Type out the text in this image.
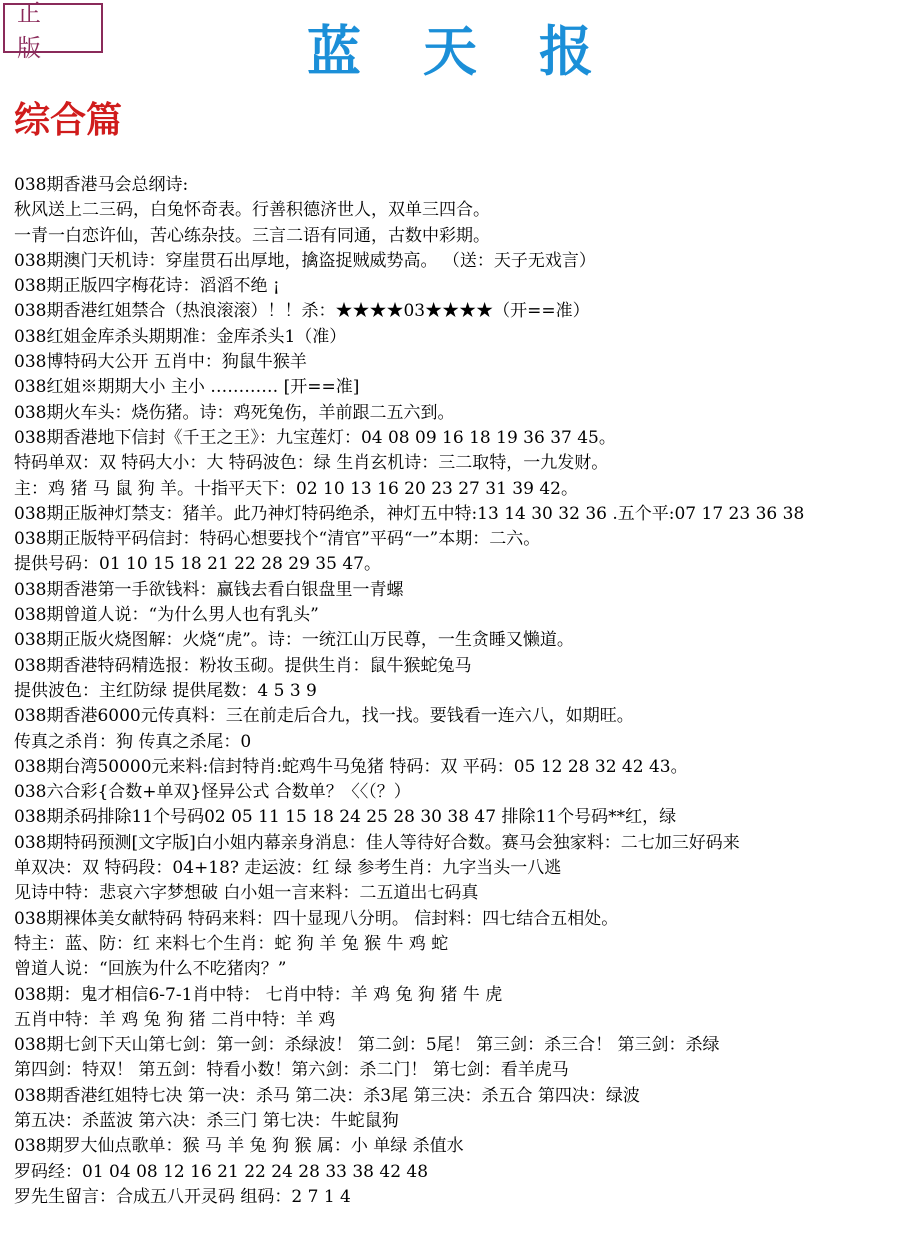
正 版	蓝天报
综合篇
038期香港马会总纲诗:
秋风送上二三码，白兔怀奇表。行善积德济世人，双单三四合。
一青一白恋许仙，苦心练杂技。三言二语有同通，古数中彩期。
038期澳门天机诗：穿崖贯石出厚地，擒盗捉贼威势高。 （送：天子无戏言）
038期正版四字梅花诗：滔滔不绝 ¡
038期香港红姐禁合（热浪滚滚）！！杀：★★★★03★★★★（开==准）
038红姐金库杀头期期准：金库杀头1（准）
038博特码大公开 五肖中：狗鼠牛猴羊
038红姐※期期大小 主小 ………… [开==准]
038期火车头：烧伤猪。诗：鸡死兔伤，羊前跟二五六到。
038期香港地下信封《千王之王》：九宝莲灯：04 08 09 16 18 19 36 37 45。
特码单双：双 特码大小：大 特码波色：绿 生肖玄机诗：三二取特，一九发财。
主：鸡 猪 马 鼠 狗 羊。十指平天下：02 10 13 16 20 23 27 31 39 42。
038期正版神灯禁支：猪羊。此乃神灯特码绝杀，神灯五中特:13 14 30 32 36 .五个平:07 17 23 36 38
038期正版特平码信封：特码心想要找个“清官”平码“一”本期：二六。
提供号码：01 10 15 18 21 22 28 29 35 47。
038期香港第一手欲钱料：赢钱去看白银盘里一青螺
038期曾道人说：“为什么男人也有乳头”
038期正版火烧图解：火烧“虎”。诗：一统江山万民尊，一生贪睡又懒道。
038期香港特码精选报：粉妆玉砌。提供生肖：鼠牛猴蛇兔马
提供波色：主红防绿 提供尾数：4 5 3 9
038期香港6000元传真料：三在前走后合九，找一找。要钱看一连六八，如期旺。
传真之杀肖：狗 传真之杀尾：0
038期台湾50000元来料:信封特肖:蛇鸡牛马兔猪 特码：双 平码：05 12 28 32 42 43。
038六合彩{合数+单双}怪异公式 合数单？〈〈（？）
038期杀码排除11个号码02 05 11 15 18 24 25 28 30 38 47 排除11个号码**红，绿
038期特码预测[文字版]白小姐内幕亲身消息：佳人等待好合数。赛马会独家料：二七加三好码来
单双决：双 特码段：04+18? 走运波：红 绿 参考生肖：九字当头一八逃
见诗中特：悲哀六字梦想破 白小姐一言来料：二五道出七码真
038期裸体美女献特码 特码来料：四十显现八分明。 信封料：四七结合五相处。
特主：蓝、防：红 来料七个生肖：蛇 狗 羊 兔 猴 牛 鸡 蛇
曾道人说：“回族为什么不吃猪肉？”
038期：鬼才相信6-7-1肖中特： 七肖中特：羊 鸡 兔 狗 猪 牛 虎
五肖中特：羊 鸡 兔 狗 猪 二肖中特：羊 鸡
038期七剑下天山第七剑：第一剑：杀绿波！ 第二剑：5尾！ 第三剑：杀三合！ 第三剑：杀绿
第四剑：特双！ 第五剑：特看小数！第六剑：杀二门！ 第七剑：看羊虎马
038期香港红姐特七决 第一决：杀马 第二决：杀3尾 第三决：杀五合 第四决：绿波
第五决：杀蓝波 第六决：杀三门 第七决：牛蛇鼠狗
038期罗大仙点歌单：猴 马 羊 兔 狗 猴 属：小 单绿 杀值水
罗码经：01 04 08 12 16 21 22 24 28 33 38 42 48
罗先生留言：合成五八开灵码 组码：2 7 1 4
